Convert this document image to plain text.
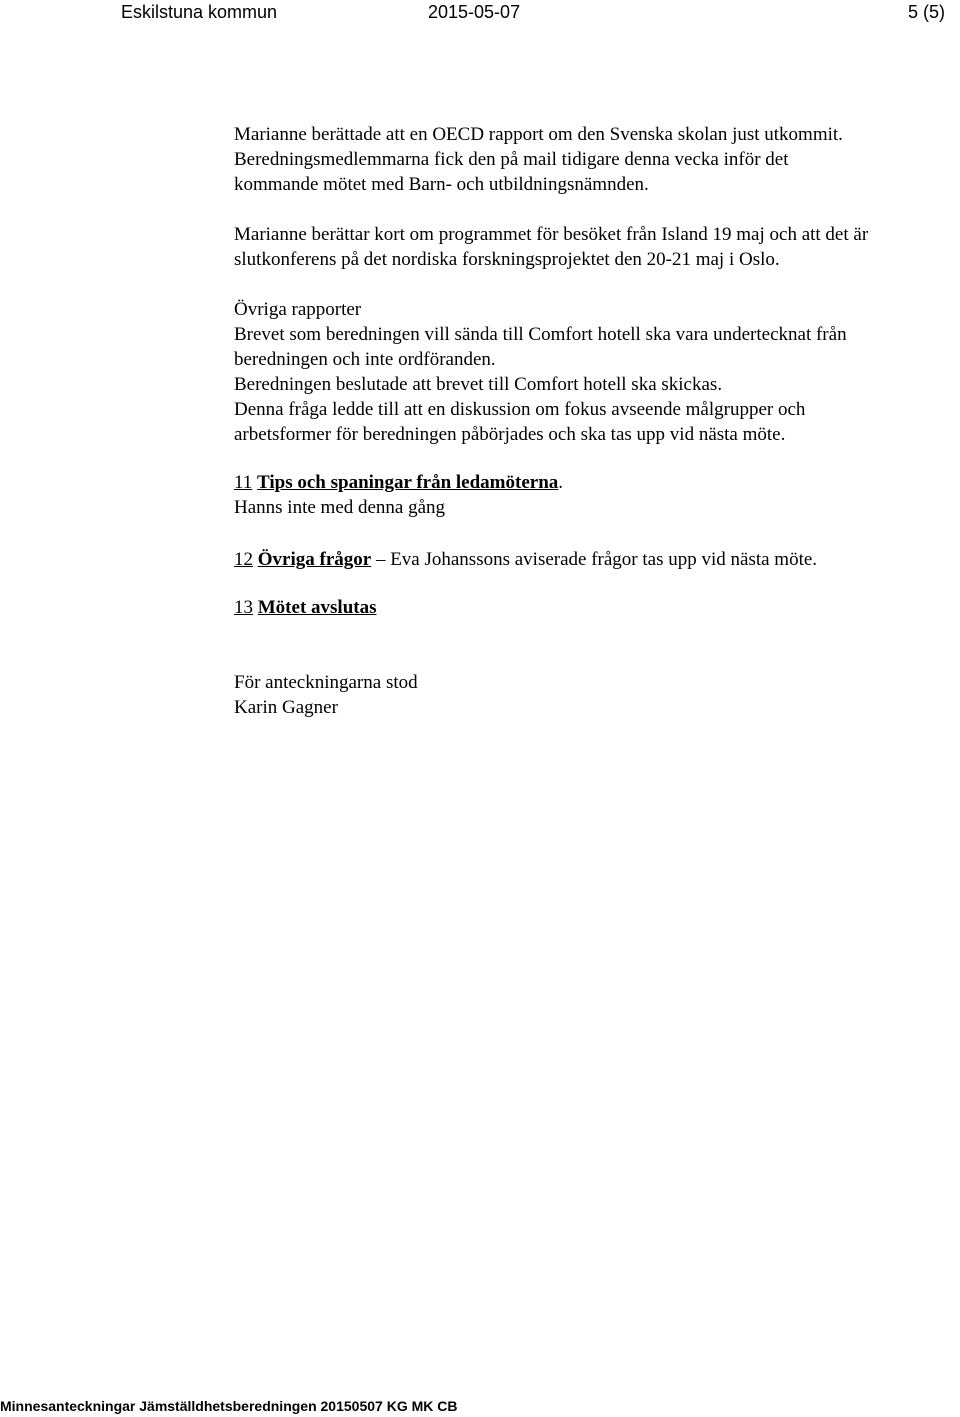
Eskilstuna kommun	2015-05-07	5 (5)

Marianne berättade att en OECD rapport om den Svenska skolan just utkommit.

Beredningsmedlemmarna fick den på mail tidigare denna vecka inför det

kommande mötet med Barn- och utbildningsnämnden.

Marianne berättar kort om programmet för besöket från Island 19 maj och att det är

slutkonferens på det nordiska forskningsprojektet den 20-21 maj i Oslo.

Övriga rapporter

Brevet som beredningen vill sända till Comfort hotell ska vara undertecknat från

beredningen och inte ordföranden.

Beredningen beslutade att brevet till Comfort hotell ska skickas.

Denna fråga ledde till att en diskussion om fokus avseende målgrupper och

arbetsformer för beredningen påbörjades och ska tas upp vid nästa möte.

11 Tips och spaningar från ledamöterna.

Hanns inte med denna gång

12 Övriga frågor – Eva Johanssons aviserade frågor tas upp vid nästa möte.

13 Mötet avslutas

För anteckningarna stod

Karin Gagner

Minnesanteckningar Jämställdhetsberedningen 20150507 KG MK CB
